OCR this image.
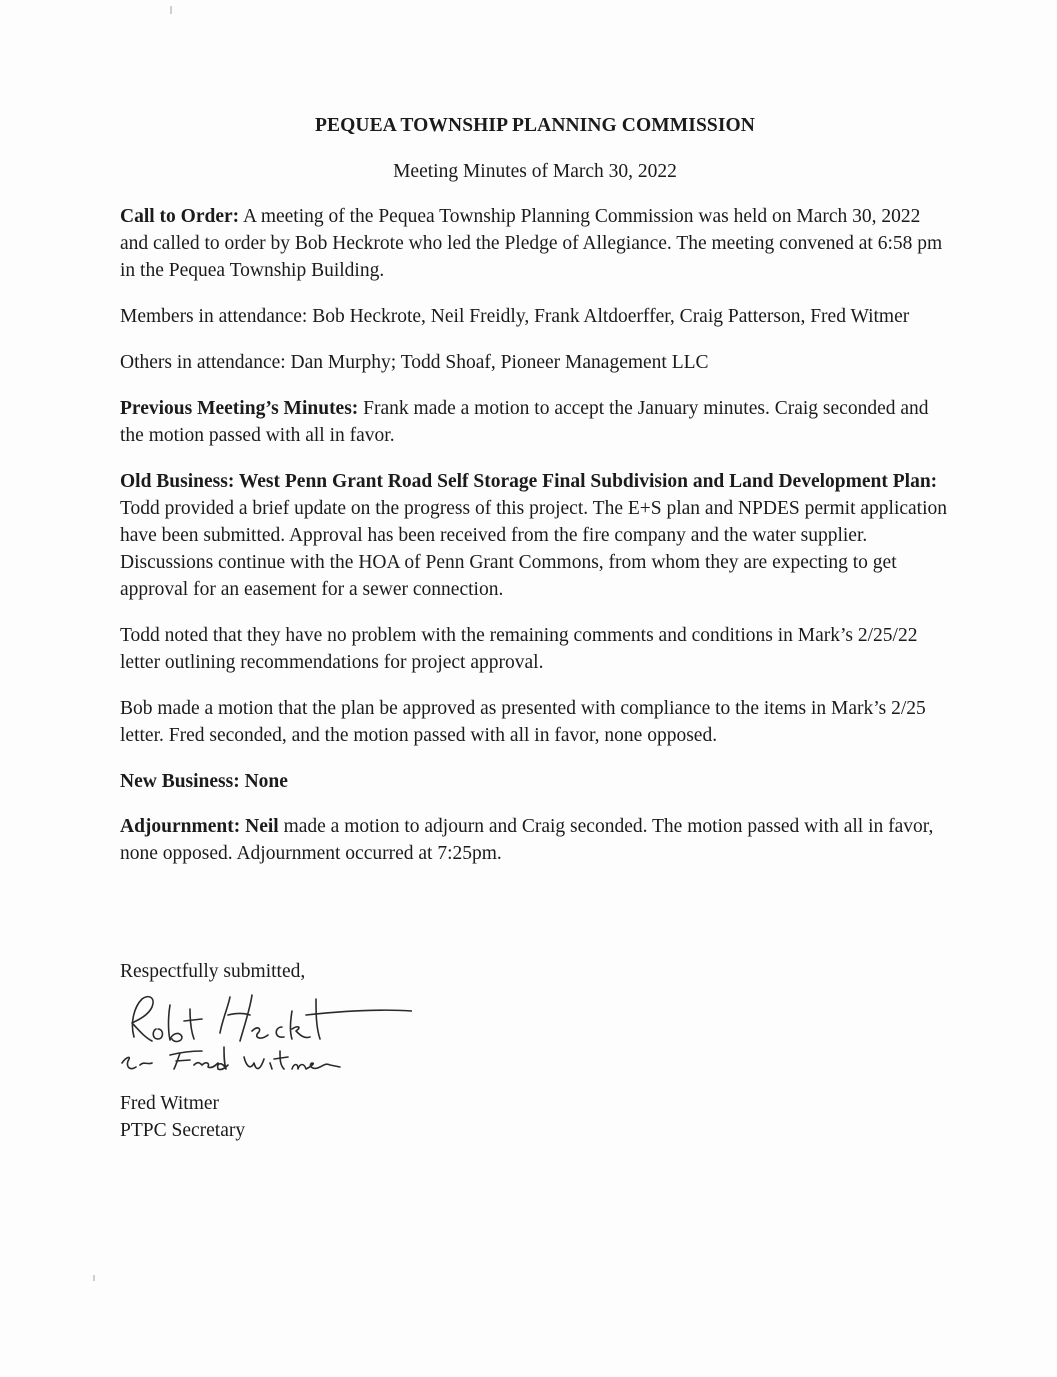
PEQUEA TOWNSHIP PLANNING COMMISSION
Meeting Minutes of March 30, 2022

Call to Order: A meeting of the Pequea Township Planning Commission was held on March 30, 2022 and called to order by Bob Heckrote who led the Pledge of Allegiance. The meeting convened at 6:58 pm in the Pequea Township Building.

Members in attendance: Bob Heckrote, Neil Freidly, Frank Altdoerffer, Craig Patterson, Fred Witmer

Others in attendance: Dan Murphy; Todd Shoaf, Pioneer Management LLC

Previous Meeting’s Minutes: Frank made a motion to accept the January minutes. Craig seconded and the motion passed with all in favor.

Old Business: West Penn Grant Road Self Storage Final Subdivision and Land Development Plan: Todd provided a brief update on the progress of this project. The E+S plan and NPDES permit application have been submitted. Approval has been received from the fire company and the water supplier. Discussions continue with the HOA of Penn Grant Commons, from whom they are expecting to get approval for an easement for a sewer connection.

Todd noted that they have no problem with the remaining comments and conditions in Mark’s 2/25/22 letter outlining recommendations for project approval.

Bob made a motion that the plan be approved as presented with compliance to the items in Mark’s 2/25 letter. Fred seconded, and the motion passed with all in favor, none opposed.

New Business: None

Adjournment: Neil made a motion to adjourn and Craig seconded. The motion passed with all in favor, none opposed. Adjournment occurred at 7:25pm.

Respectfully submitted,
Fred Witmer
PTPC Secretary
